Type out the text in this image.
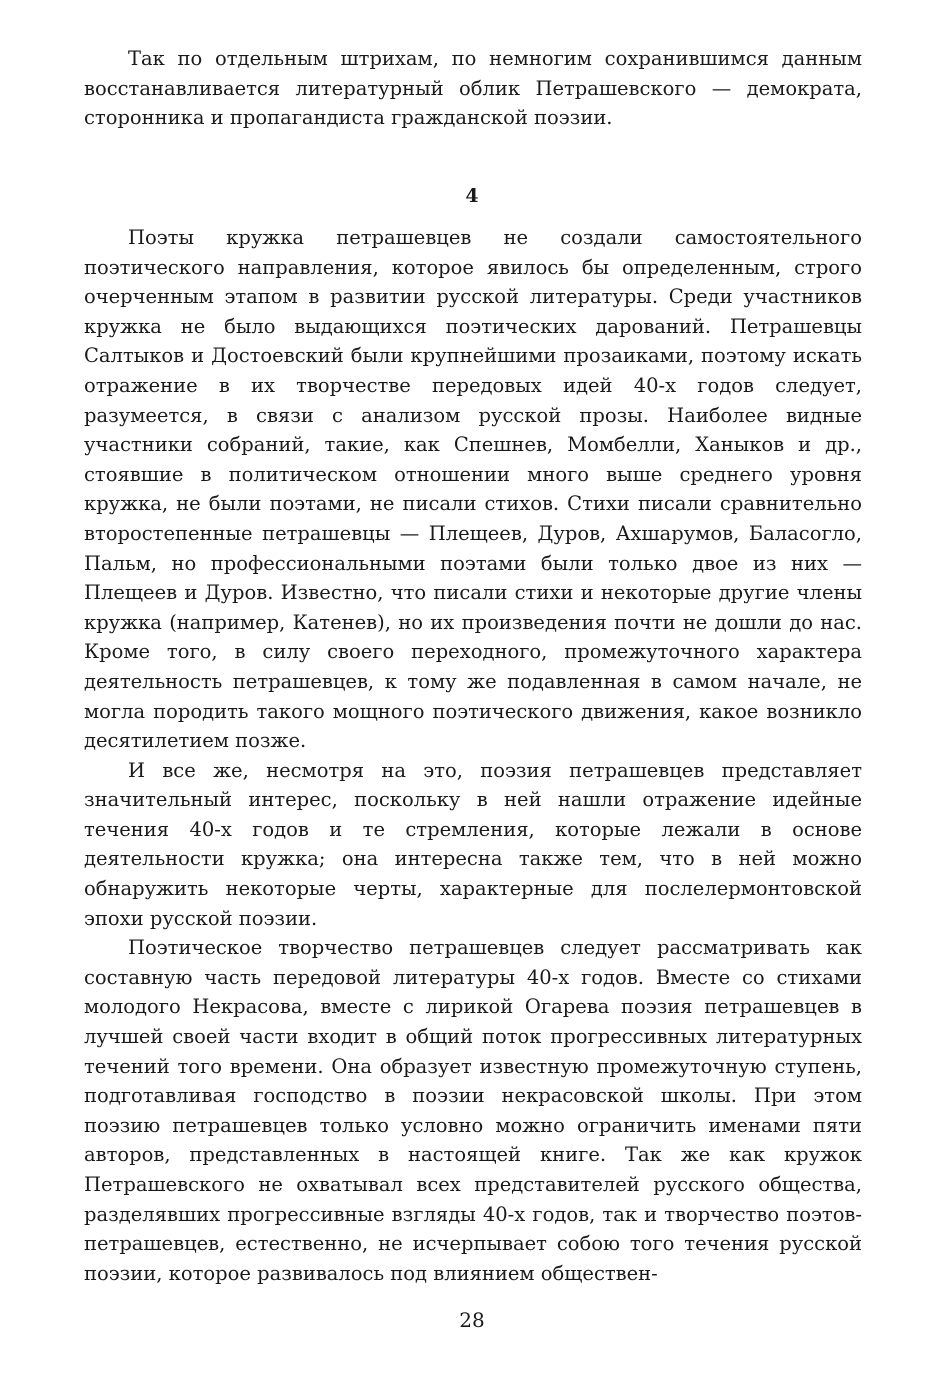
Так по отдельным штрихам, по немногим сохранившимся данным восстанавливается литературный облик Петрашевского — демократа, сторонника и пропагандиста гражданской поэзии.

4

Поэты кружка петрашевцев не создали самостоятельного поэтического направления, которое явилось бы определенным, строго очерченным этапом в развитии русской литературы. Среди участников кружка не было выдающихся поэтических дарований. Петрашевцы Салтыков и Достоевский были крупнейшими прозаиками, поэтому искать отражение в их творчестве передовых идей 40-х годов следует, разумеется, в связи с анализом русской прозы. Наиболее видные участники собраний, такие, как Спешнев, Момбелли, Ханыков и др., стоявшие в политическом отношении много выше среднего уровня кружка, не были поэтами, не писали стихов. Стихи писали сравнительно второстепенные петрашевцы — Плещеев, Дуров, Ахшарумов, Баласогло, Пальм, но профессиональными поэтами были только двое из них — Плещеев и Дуров. Известно, что писали стихи и некоторые другие члены кружка (например, Катенев), но их произведения почти не дошли до нас. Кроме того, в силу своего переходного, промежуточного характера деятельность петрашевцев, к тому же подавленная в самом начале, не могла породить такого мощного поэтического движения, какое возникло десятилетием позже.

И все же, несмотря на это, поэзия петрашевцев представляет значительный интерес, поскольку в ней нашли отражение идейные течения 40-х годов и те стремления, которые лежали в основе деятельности кружка; она интересна также тем, что в ней можно обнаружить некоторые черты, характерные для послелермонтовской эпохи русской поэзии.

Поэтическое творчество петрашевцев следует рассматривать как составную часть передовой литературы 40-х годов. Вместе со стихами молодого Некрасова, вместе с лирикой Огарева поэзия петрашевцев в лучшей своей части входит в общий поток прогрессивных литературных течений того времени. Она образует известную промежуточную ступень, подготавливая господство в поэзии некрасовской школы. При этом поэзию петрашевцев только условно можно ограничить именами пяти авторов, представленных в настоящей книге. Так же как кружок Петрашевского не охватывал всех представителей русского общества, разделявших прогрессивные взгляды 40-х годов, так и творчество поэтов-петрашевцев, естественно, не исчерпывает собою того течения русской поэзии, которое развивалось под влиянием обществен-

28
